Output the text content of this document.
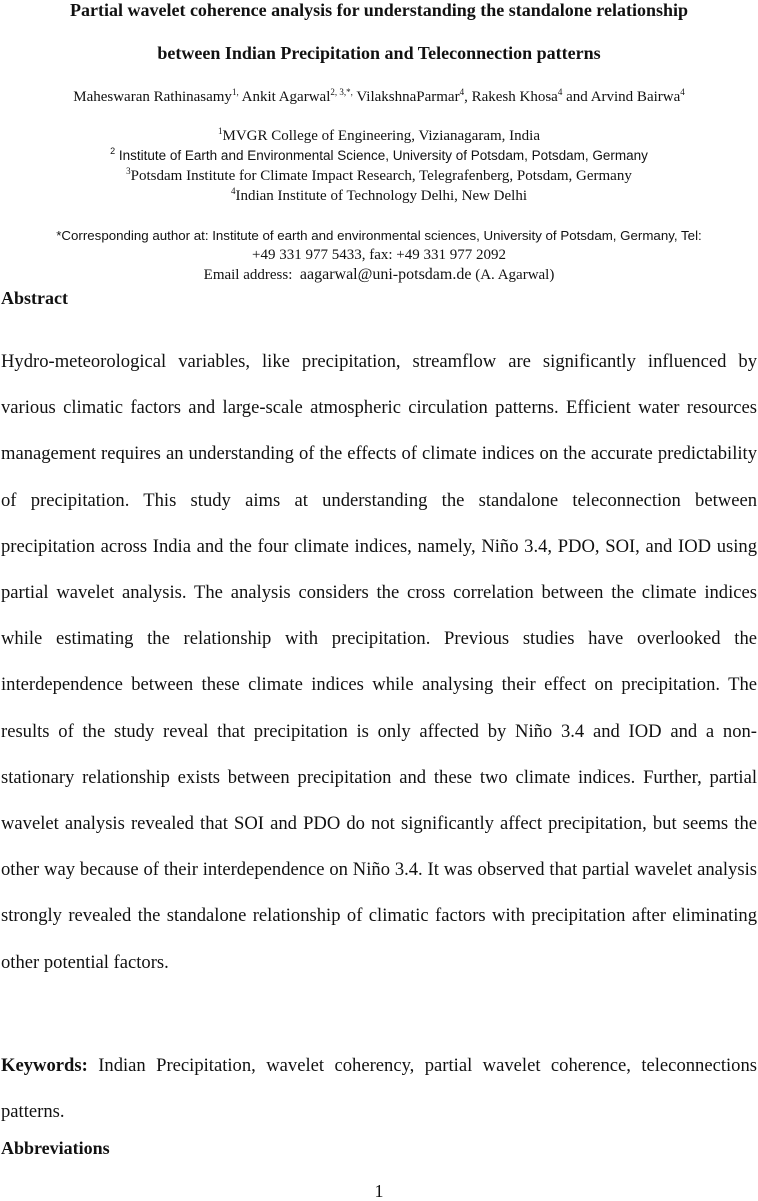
Partial wavelet coherence analysis for understanding the standalone relationship
between Indian Precipitation and Teleconnection patterns
Maheswaran Rathinasamy$^{1,}$ Ankit Agarwal$^{2, 3,*,}$ VilakshnaParmar$^4$, Rakesh Khosa$^4$ and Arvind Bairwa$^4$
$^1$MVGR College of Engineering, Vizianagaram, India
$^2$ Institute of Earth and Environmental Science, University of Potsdam, Potsdam, Germany
$^3$Potsdam Institute for Climate Impact Research, Telegrafenberg, Potsdam, Germany
$^4$Indian Institute of Technology Delhi, New Delhi
*Corresponding author at: Institute of earth and environmental sciences, University of Potsdam, Germany, Tel:
+49 331 977 5433, fax: +49 331 977 2092
Email address: aagarwal@uni-potsdam.de (A. Agarwal)
Abstract

Hydro-meteorological variables, like precipitation, streamflow are significantly influenced by various climatic factors and large-scale atmospheric circulation patterns. Efficient water resources management requires an understanding of the effects of climate indices on the accurate predictability of precipitation. This study aims at understanding the standalone teleconnection between precipitation across India and the four climate indices, namely, Niño 3.4, PDO, SOI, and IOD using partial wavelet analysis. The analysis considers the cross correlation between the climate indices while estimating the relationship with precipitation. Previous studies have overlooked the interdependence between these climate indices while analysing their effect on precipitation. The results of the study reveal that precipitation is only affected by Niño 3.4 and IOD and a non-stationary relationship exists between precipitation and these two climate indices. Further, partial wavelet analysis revealed that SOI and PDO do not significantly affect precipitation, but seems the other way because of their interdependence on Niño 3.4. It was observed that partial wavelet analysis strongly revealed the standalone relationship of climatic factors with precipitation after eliminating other potential factors.

Keywords: Indian Precipitation, wavelet coherency, partial wavelet coherence, teleconnections patterns.
Abbreviations
1
